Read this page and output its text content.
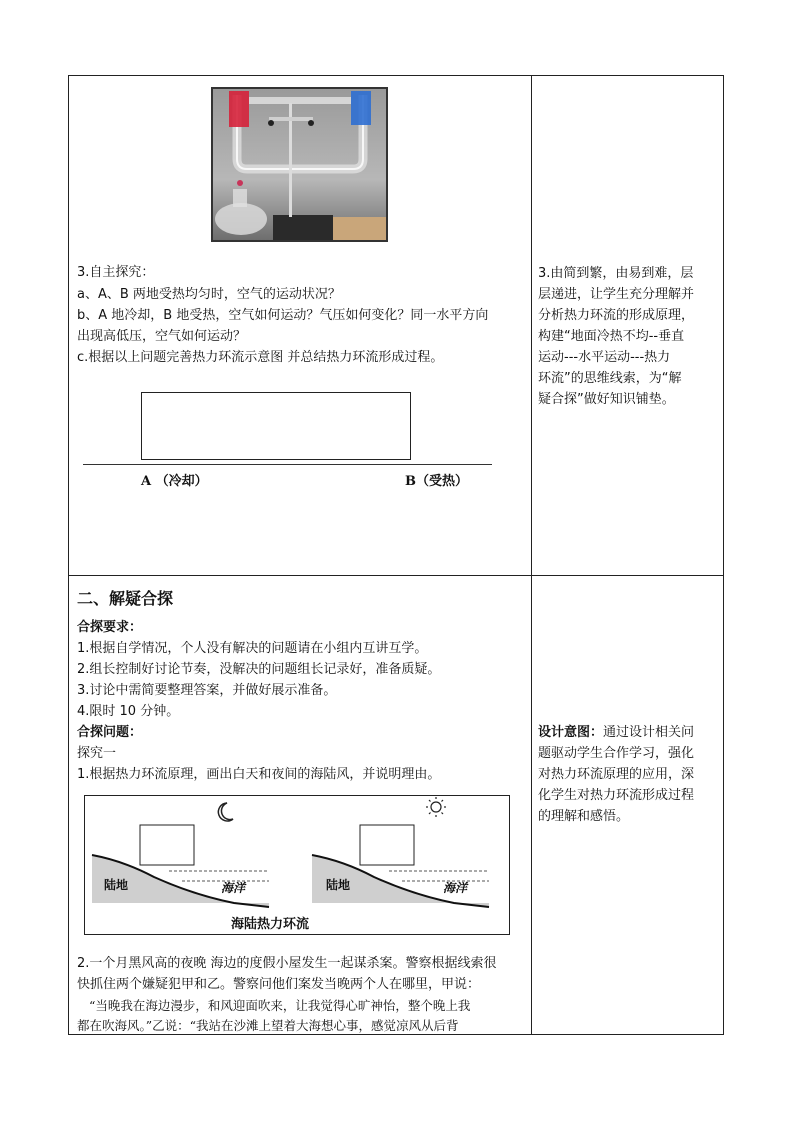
3.自主探究：
a、A、B 两地受热均匀时，空气的运动状况？
b、A 地冷却，B 地受热，空气如何运动？气压如何变化？同一水平方向
出现高低压，空气如何运动？
c.根据以上问题完善热力环流示意图 并总结热力环流形成过程。
A （冷却）	B（受热）
3.由简到繁，由易到难，层
层递进，让学生充分理解并
分析热力环流的形成原理，
构建“地面冷热不均--垂直
运动---水平运动---热力
环流”的思维线索，为“解
疑合探”做好知识铺垫。
二、解疑合探
合探要求：
1.根据自学情况，个人没有解决的问题请在小组内互讲互学。
2.组长控制好讨论节奏，没解决的问题组长记录好，准备质疑。
3.讨论中需简要整理答案，并做好展示准备。
4.限时 10 分钟。
合探问题：
探究一
1.根据热力环流原理，画出白天和夜间的海陆风，并说明理由。
陆地	海洋	陆地	海洋
海陆热力环流
2.一个月黑风高的夜晚 海边的度假小屋发生一起谋杀案。警察根据线索很
快抓住两个嫌疑犯甲和乙。警察问他们案发当晚两个人在哪里，甲说：
“当晚我在海边漫步，和风迎面吹来，让我觉得心旷神怡，整个晚上我
都在吹海风。”乙说：“我站在沙滩上望着大海想心事，感觉凉风从后背
设计意图：通过设计相关问
题驱动学生合作学习，强化
对热力环流原理的应用，深
化学生对热力环流形成过程
的理解和感悟。
